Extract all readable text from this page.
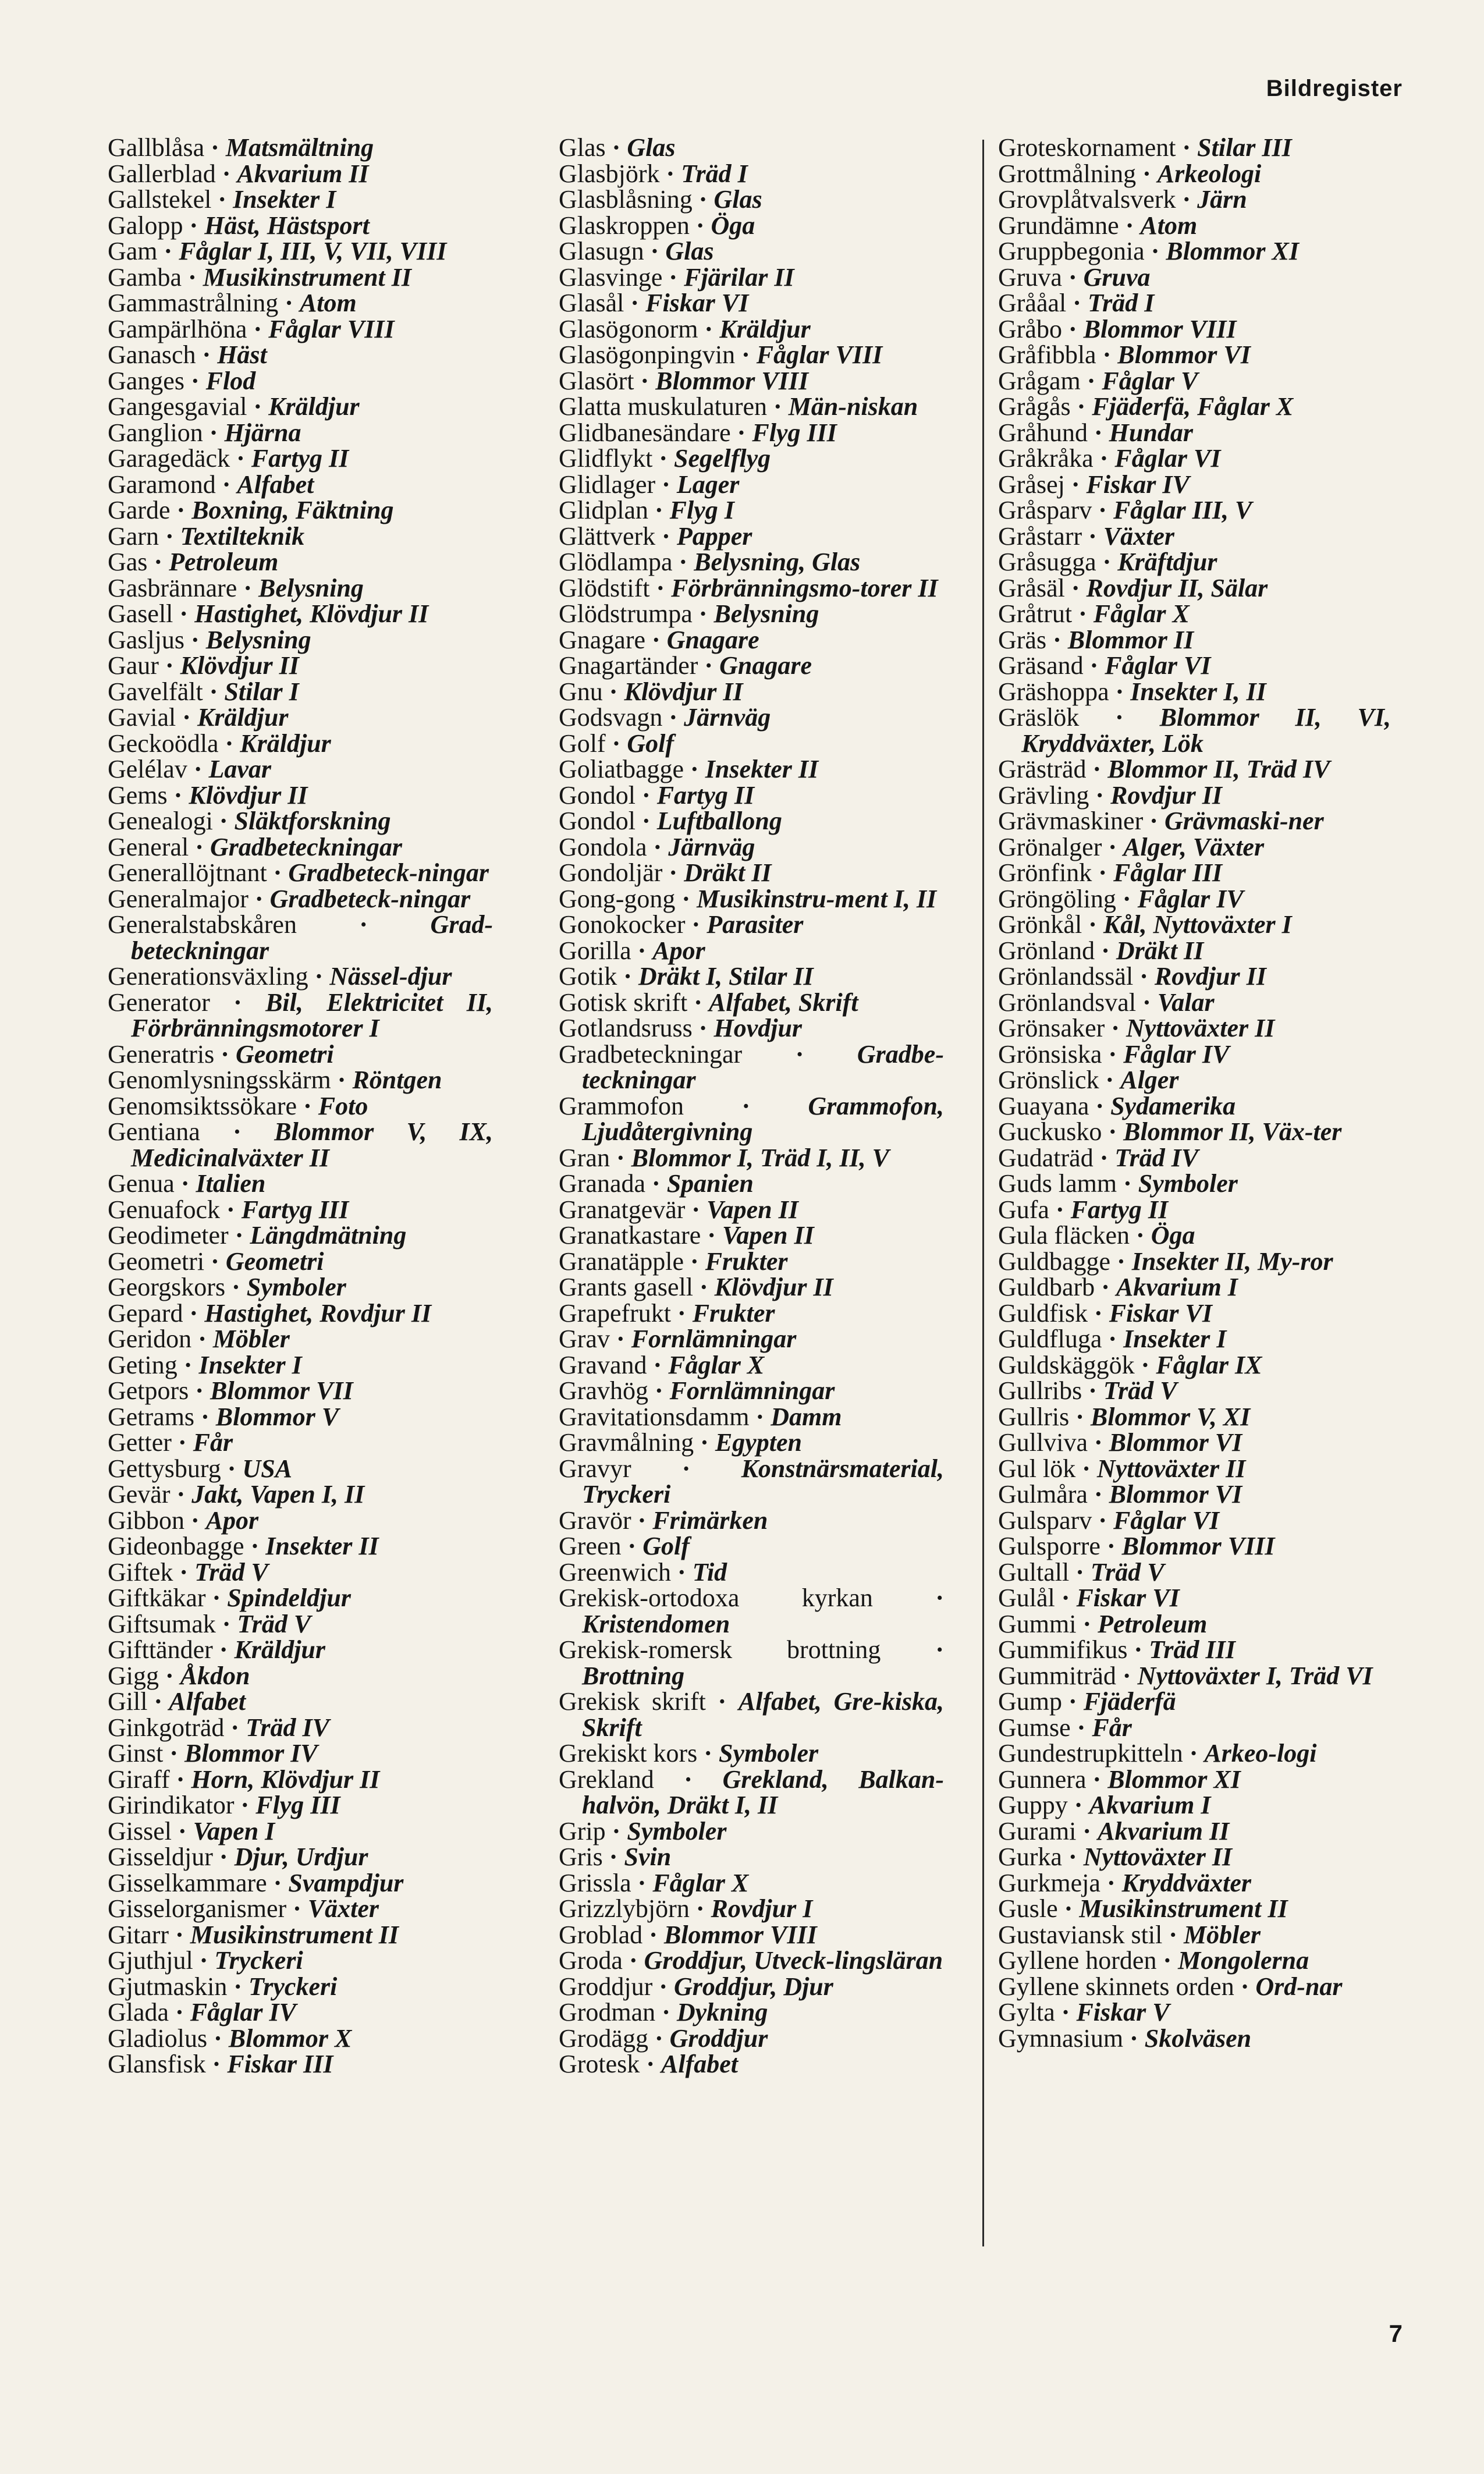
Bildregister
Gallblåsa · Matsmältning
Gallerblad · Akvarium II
Gallstekel · Insekter I
Galopp · Häst, Hästsport
Gam · Fåglar I, III, V, VII, VIII
Gamba · Musikinstrument II
Gammastrålning · Atom
Gampärlhöna · Fåglar VIII
Ganasch · Häst
Ganges · Flod
Gangesgavial · Kräldjur
Ganglion · Hjärna
Garagedäck · Fartyg II
Garamond · Alfabet
Garde · Boxning, Fäktning
Garn · Textilteknik
Gas · Petroleum
Gasbrännare · Belysning
Gasell · Hastighet, Klövdjur II
Gasljus · Belysning
Gaur · Klövdjur II
Gavelfält · Stilar I
Gavial · Kräldjur
Geckoödla · Kräldjur
Gelélav · Lavar
Gems · Klövdjur II
Genealogi · Släktforskning
General · Gradbeteckningar
Generallöjtnant · Gradbeteck-ningar
Generalmajor · Gradbeteck-ningar
Generalstabskåren · Grad-beteckningar
Generationsväxling · Nässel-djur
Generator · Bil, Elektricitet II, Förbränningsmotorer I
Generatris · Geometri
Genomlysningsskärm · Röntgen
Genomsiktssökare · Foto
Gentiana · Blommor V, IX, Medicinalväxter II
Genua · Italien
Genuafock · Fartyg III
Geodimeter · Längdmätning
Geometri · Geometri
Georgskors · Symboler
Gepard · Hastighet, Rovdjur II
Geridon · Möbler
Geting · Insekter I
Getpors · Blommor VII
Getrams · Blommor V
Getter · Får
Gettysburg · USA
Gevär · Jakt, Vapen I, II
Gibbon · Apor
Gideonbagge · Insekter II
Giftek · Träd V
Giftkäkar · Spindeldjur
Giftsumak · Träd V
Gifttänder · Kräldjur
Gigg · Åkdon
Gill · Alfabet
Ginkgoträd · Träd IV
Ginst · Blommor IV
Giraff · Horn, Klövdjur II
Girindikator · Flyg III
Gissel · Vapen I
Gisseldjur · Djur, Urdjur
Gisselkammare · Svampdjur
Gisselorganismer · Växter
Gitarr · Musikinstrument II
Gjuthjul · Tryckeri
Gjutmaskin · Tryckeri
Glada · Fåglar IV
Gladiolus · Blommor X
Glansfisk · Fiskar III
Glas · Glas
Glasbjörk · Träd I
Glasblåsning · Glas
Glaskroppen · Öga
Glasugn · Glas
Glasvinge · Fjärilar II
Glasål · Fiskar VI
Glasögonorm · Kräldjur
Glasögonpingvin · Fåglar VIII
Glasört · Blommor VIII
Glatta muskulaturen · Män-niskan
Glidbanesändare · Flyg III
Glidflykt · Segelflyg
Glidlager · Lager
Glidplan · Flyg I
Glättverk · Papper
Glödlampa · Belysning, Glas
Glödstift · Förbränningsmo-torer II
Glödstrumpa · Belysning
Gnagare · Gnagare
Gnagartänder · Gnagare
Gnu · Klövdjur II
Godsvagn · Järnväg
Golf · Golf
Goliatbagge · Insekter II
Gondol · Fartyg II
Gondol · Luftballong
Gondola · Järnväg
Gondoljär · Dräkt II
Gong-gong · Musikinstru-ment I, II
Gonokocker · Parasiter
Gorilla · Apor
Gotik · Dräkt I, Stilar II
Gotisk skrift · Alfabet, Skrift
Gotlandsruss · Hovdjur
Gradbeteckningar · Gradbe-teckningar
Grammofon · Grammofon, Ljudåtergivning
Gran · Blommor I, Träd I, II, V
Granada · Spanien
Granatgevär · Vapen II
Granatkastare · Vapen II
Granatäpple · Frukter
Grants gasell · Klövdjur II
Grapefrukt · Frukter
Grav · Fornlämningar
Gravand · Fåglar X
Gravhög · Fornlämningar
Gravitationsdamm · Damm
Gravmålning · Egypten
Gravyr · Konstnärsmaterial, Tryckeri
Gravör · Frimärken
Green · Golf
Greenwich · Tid
Grekisk-ortodoxa kyrkan · Kristendomen
Grekisk-romersk brottning · Brottning
Grekisk skrift · Alfabet, Gre-kiska, Skrift
Grekiskt kors · Symboler
Grekland · Grekland, Balkan-halvön, Dräkt I, II
Grip · Symboler
Gris · Svin
Grissla · Fåglar X
Grizzlybjörn · Rovdjur I
Groblad · Blommor VIII
Groda · Groddjur, Utveck-lingsläran
Groddjur · Groddjur, Djur
Grodman · Dykning
Grodägg · Groddjur
Grotesk · Alfabet
Groteskornament · Stilar III
Grottmålning · Arkeologi
Grovplåtvalsverk · Järn
Grundämne · Atom
Gruppbegonia · Blommor XI
Gruva · Gruva
Grååal · Träd I
Gråbo · Blommor VIII
Gråfibbla · Blommor VI
Grågam · Fåglar V
Grågås · Fjäderfä, Fåglar X
Gråhund · Hundar
Gråkråka · Fåglar VI
Gråsej · Fiskar IV
Gråsparv · Fåglar III, V
Gråstarr · Växter
Gråsugga · Kräftdjur
Gråsäl · Rovdjur II, Sälar
Gråtrut · Fåglar X
Gräs · Blommor II
Gräsand · Fåglar VI
Gräshoppa · Insekter I, II
Gräslök · Blommor II, VI, Kryddväxter, Lök
Grästräd · Blommor II, Träd IV
Grävling · Rovdjur II
Grävmaskiner · Grävmaski-ner
Grönalger · Alger, Växter
Grönfink · Fåglar III
Gröngöling · Fåglar IV
Grönkål · Kål, Nyttoväxter I
Grönland · Dräkt II
Grönlandssäl · Rovdjur II
Grönlandsval · Valar
Grönsaker · Nyttoväxter II
Grönsiska · Fåglar IV
Grönslick · Alger
Guayana · Sydamerika
Guckusko · Blommor II, Väx-ter
Gudaträd · Träd IV
Guds lamm · Symboler
Gufa · Fartyg II
Gula fläcken · Öga
Guldbagge · Insekter II, My-ror
Guldbarb · Akvarium I
Guldfisk · Fiskar VI
Guldfluga · Insekter I
Guldskäggök · Fåglar IX
Gullribs · Träd V
Gullris · Blommor V, XI
Gullviva · Blommor VI
Gul lök · Nyttoväxter II
Gulmåra · Blommor VI
Gulsparv · Fåglar VI
Gulsporre · Blommor VIII
Gultall · Träd V
Gulål · Fiskar VI
Gummi · Petroleum
Gummifikus · Träd III
Gummiträd · Nyttoväxter I, Träd VI
Gump · Fjäderfä
Gumse · Får
Gundestrupkitteln · Arkeo-logi
Gunnera · Blommor XI
Guppy · Akvarium I
Gurami · Akvarium II
Gurka · Nyttoväxter II
Gurkmeja · Kryddväxter
Gusle · Musikinstrument II
Gustaviansk stil · Möbler
Gyllene horden · Mongolerna
Gyllene skinnets orden · Ord-nar
Gylta · Fiskar V
Gymnasium · Skolväsen
7
